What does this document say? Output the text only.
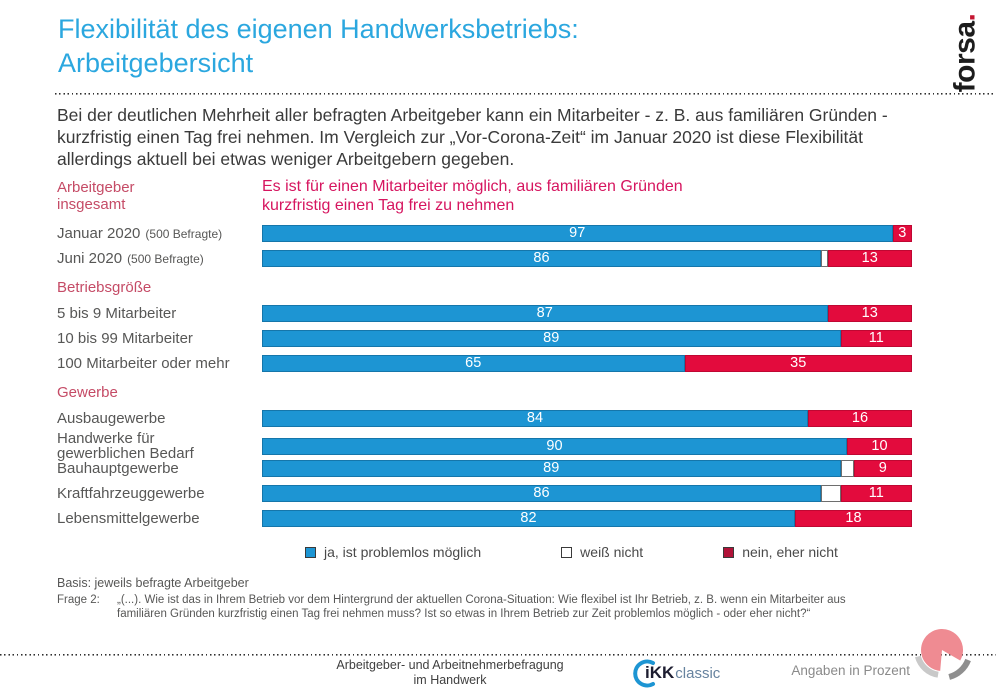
Flexibilität des eigenen Handwerksbetriebs:
Arbeitgebersicht	forsa.

Bei der deutlichen Mehrheit aller befragten Arbeitgeber kann ein Mitarbeiter - z. B. aus familiären Gründen - kurzfristig einen Tag frei nehmen. Im Vergleich zur „Vor-Corona-Zeit“ im Januar 2020 ist diese Flexibilität allerdings aktuell bei etwas weniger Arbeitgebern gegeben.

Arbeitgeber
insgesamt
Es ist für einen Mitarbeiter möglich, aus familiären Gründen kurzfristig einen Tag frei zu nehmen
Januar 2020 (500 Befragte)	97	3
Juni 2020 (500 Befragte)	86	13
Betriebsgröße
5 bis 9 Mitarbeiter	87	13
10 bis 99 Mitarbeiter	89	11
100 Mitarbeiter oder mehr	65	35
Gewerbe
Ausbaugewerbe	84	16
Handwerke für
gewerblichen Bedarf	90	10
Bauhauptgewerbe	89	9
Kraftfahrzeuggewerbe	86	11
Lebensmittelgewerbe	82	18
ja, ist problemlos möglich	weiß nicht	nein, eher nicht
Basis: jeweils befragte Arbeitgeber
Frage 2:	„(...). Wie ist das in Ihrem Betrieb vor dem Hintergrund der aktuellen Corona-Situation: Wie flexibel ist Ihr Betrieb, z. B. wenn ein Mitarbeiter aus familiären Gründen kurzfristig einen Tag frei nehmen muss? Ist so etwas in Ihrem Betrieb zur Zeit problemlos möglich - oder eher nicht?“
Arbeitgeber- und Arbeitnehmerbefragung
im Handwerk	iKK classic	Angaben in Prozent
